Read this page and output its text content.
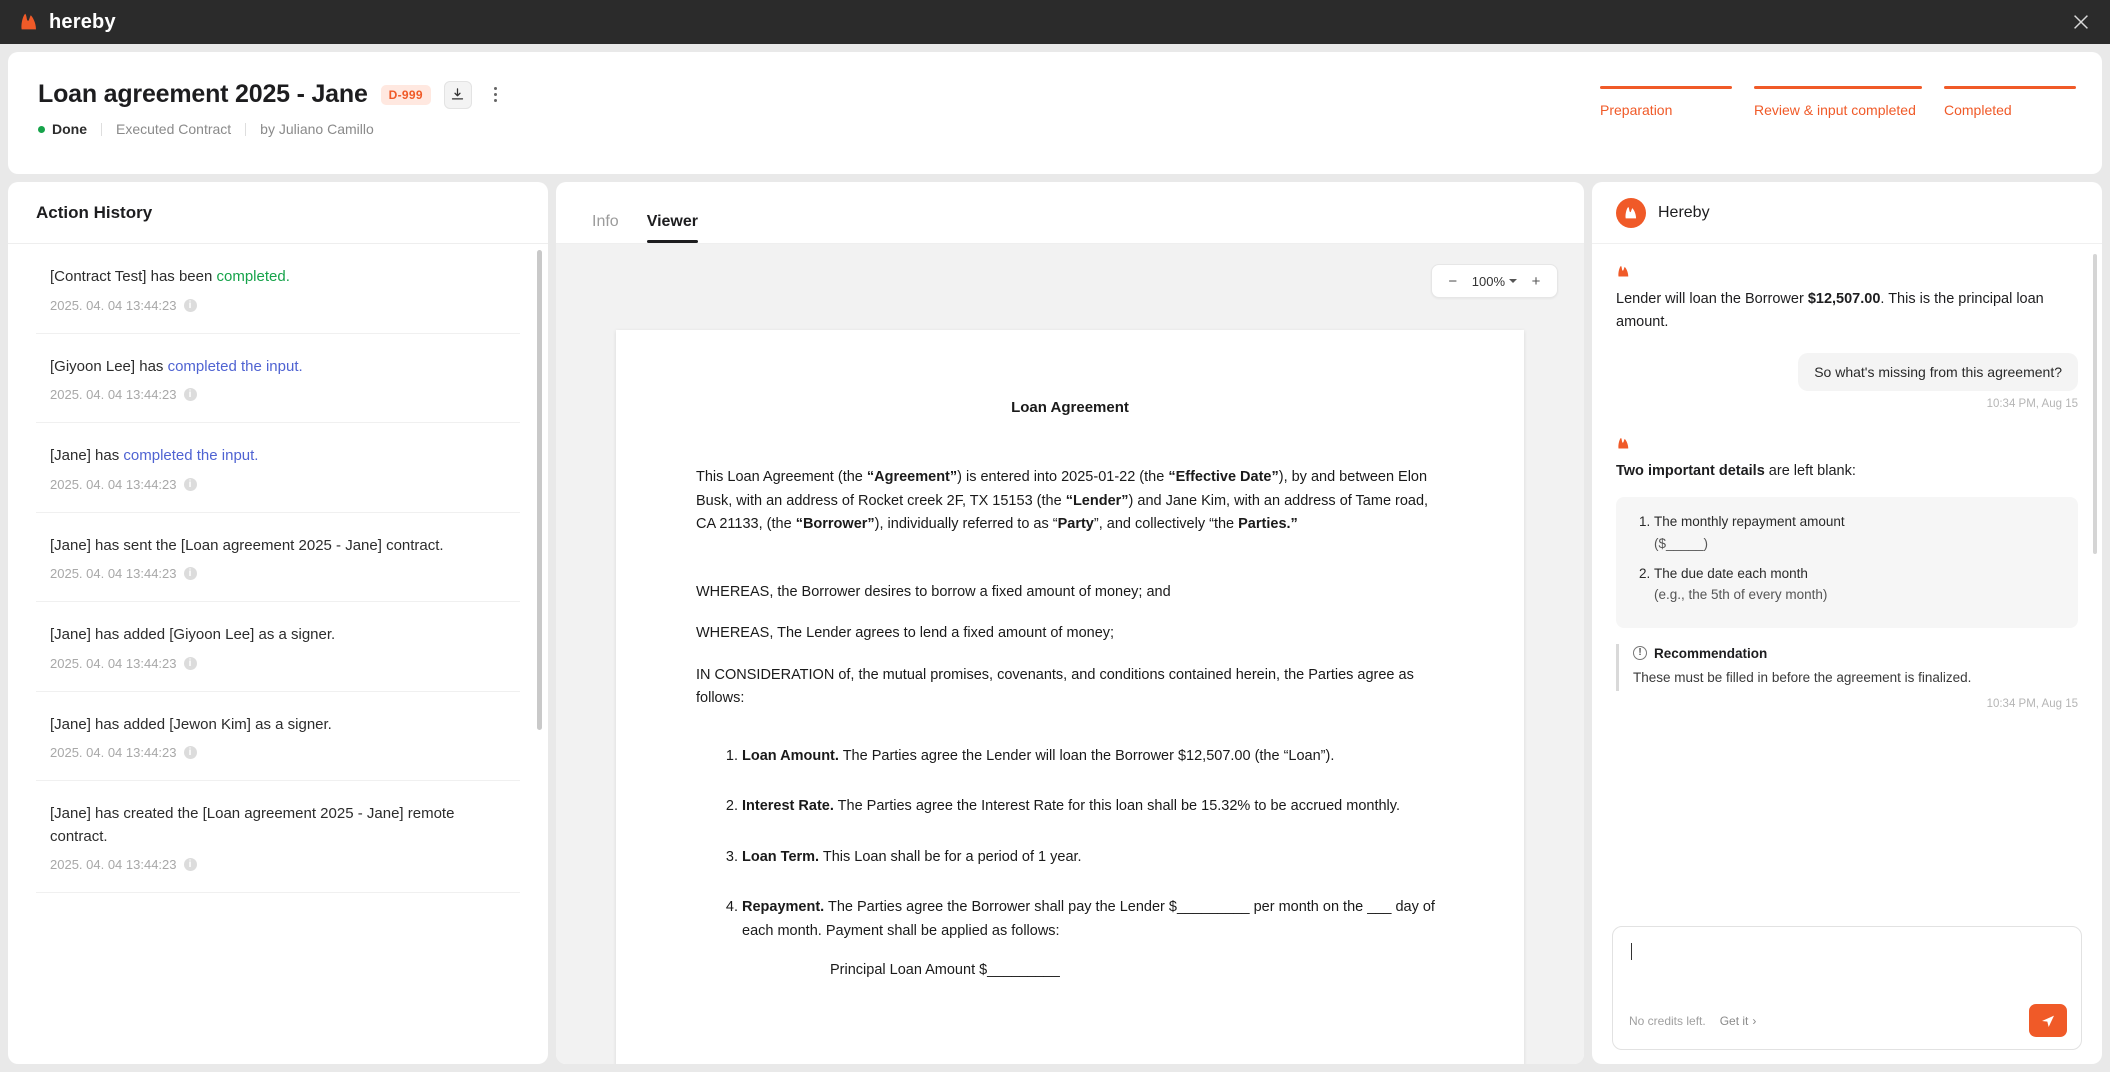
hereby
Loan agreement 2025 - Jane	D-999
Done Executed Contract by Juliano Camillo
Preparation	Review & input completed	Completed
Action History
[Contract Test] has been completed.
2025. 04. 04 13:44:23	i
[Giyoon Lee] has completed the input.
2025. 04. 04 13:44:23	i
[Jane] has completed the input.
2025. 04. 04 13:44:23	i
[Jane] has sent the [Loan agreement 2025 - Jane] contract.
2025. 04. 04 13:44:23	i
[Jane] has added [Giyoon Lee] as a signer.
2025. 04. 04 13:44:23	i
[Jane] has added [Jewon Kim] as a signer.
2025. 04. 04 13:44:23	i
[Jane] has created the [Loan agreement 2025 - Jane] remote contract.
2025. 04. 04 13:44:23	i
Info Viewer
− 100% +
Loan Agreement

This Loan Agreement (the “Agreement”) is entered into 2025-01-22 (the “Effective Date”), by and between Elon Busk, with an address of Rocket creek 2F, TX 15153 (the “Lender”) and Jane Kim, with an address of Tame road, CA 21133, (the “Borrower”), individually referred to as “Party”, and collectively “the Parties.”

WHEREAS, the Borrower desires to borrow a fixed amount of money; and

WHEREAS, The Lender agrees to lend a fixed amount of money;

IN CONSIDERATION of, the mutual promises, covenants, and conditions contained herein, the Parties agree as follows:

1. Loan Amount. The Parties agree the Lender will loan the Borrower $12,507.00 (the “Loan”).
2. Interest Rate. The Parties agree the Interest Rate for this loan shall be 15.32% to be accrued monthly.
3. Loan Term. This Loan shall be for a period of 1 year.
4. Repayment. The Parties agree the Borrower shall pay the Lender $_________ per month on the ___ day of each month. Payment shall be applied as follows:
Principal Loan Amount $_________
Hereby
Lender will loan the Borrower $12,507.00. This is the principal loan amount.
So what's missing from this agreement?
10:34 PM, Aug 15
Two important details are left blank:
1. The monthly repayment amount
($_____)
2. The due date each month
(e.g., the 5th of every month)
! Recommendation
These must be filled in before the agreement is finalized.
10:34 PM, Aug 15
No credits left. Get it ›
